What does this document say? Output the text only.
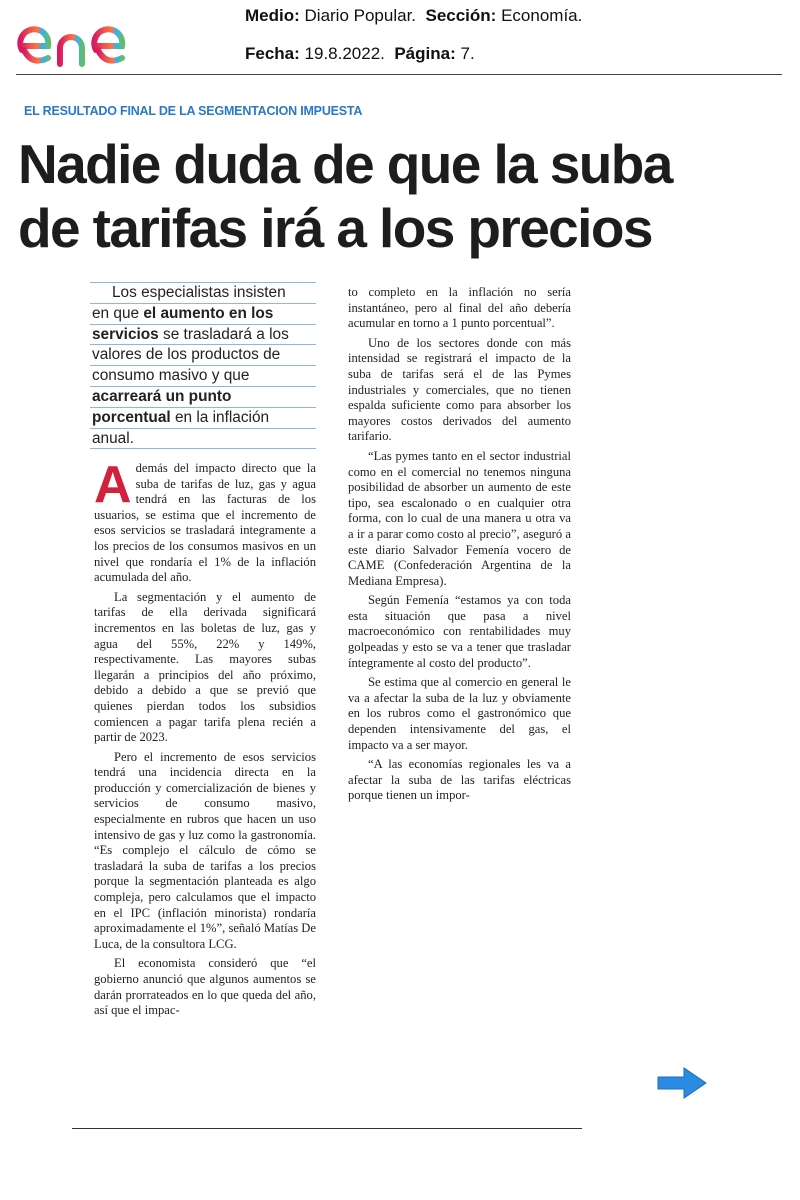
Medio: Diario Popular. Sección: Economía.
Fecha: 19.8.2022. Página: 7.
EL RESULTADO FINAL DE LA SEGMENTACION IMPUESTA
Nadie duda de que la suba
de tarifas irá a los precios
Los especialistas insisten
en que el aumento en los
servicios se trasladará a los
valores de los productos de
consumo masivo y que
acarreará un punto
porcentual en la inflación
anual.
A demás del impacto directo que la suba de tarifas de luz, gas y agua tendrá en las facturas de los usuarios, se estima que el incremento de esos servicios se trasladará integramente a los precios de los consumos masivos en un nivel que rondaría el 1% de la inflación acumulada del año.

La segmentación y el aumento de tarifas de ella derivada significará incrementos en las boletas de luz, gas y agua del 55%, 22% y 149%, respectivamente. Las mayores subas llegarán a principios del año próximo, debido a debido a que se previó que quienes pierdan todos los subsidios comiencen a pagar tarifa plena recién a partir de 2023.

Pero el incremento de esos servicios tendrá una incidencia directa en la producción y comercialización de bienes y servicios de consumo masivo, especialmente en rubros que hacen un uso intensivo de gas y luz como la gastronomía. “Es complejo el cálculo de cómo se trasladará la suba de tarifas a los precios porque la segmentación planteada es algo compleja, pero calculamos que el impacto en el IPC (inflación minorista) rondaría aproximadamente el 1%”, señaló Matías De Luca, de la consultora LCG.

El economista consideró que “el gobierno anunció que algunos aumentos se darán prorrateados en lo que queda del año, así que el impac-

to completo en la inflación no sería instantáneo, pero al final del año debería acumular en torno a 1 punto porcentual”.

Uno de los sectores donde con más intensidad se registrará el impacto de la suba de tarifas será el de las Pymes industriales y comerciales, que no tienen espalda suficiente como para absorber los mayores costos derivados del aumento tarifario.

“Las pymes tanto en el sector industrial como en el comercial no tenemos ninguna posibilidad de absorber un aumento de este tipo, sea escalonado o en cualquier otra forma, con lo cual de una manera u otra va a ir a parar como costo al precio”, aseguró a este diario Salvador Femenía vocero de CAME (Confederación Argentina de la Mediana Empresa).

Según Femenía “estamos ya con toda esta situación que pasa a nivel macroeconómico con rentabilidades muy golpeadas y esto se va a tener que trasladar íntegramente al costo del producto”.

Se estima que al comercio en general le va a afectar la suba de la luz y obviamente en los rubros como el gastronómico que dependen intensivamente del gas, el impacto va a ser mayor.

“A las economías regionales les va a afectar la suba de las tarifas eléctricas porque tienen un impor-
